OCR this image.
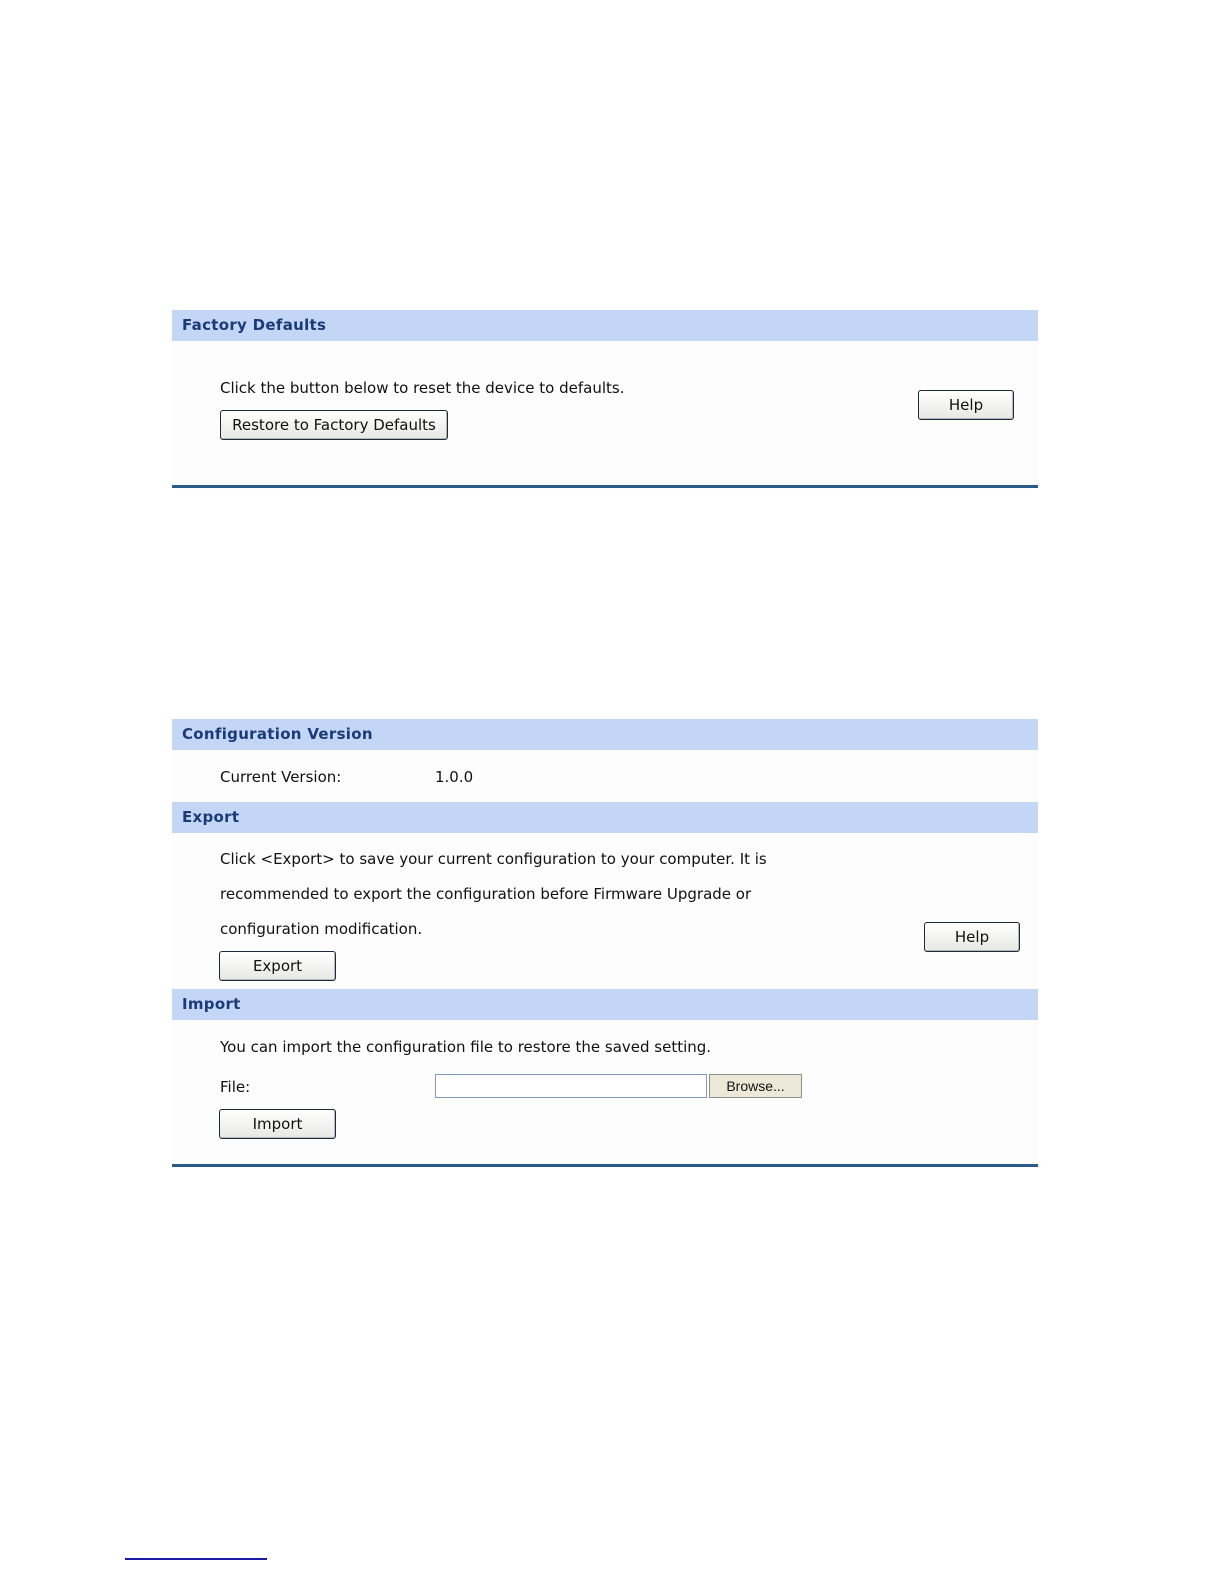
Factory Defaults
Click the button below to reset the device to defaults.
Restore to Factory Defaults
Help
Configuration Version
Current Version:	1.0.0
Export
Click <Export> to save your current configuration to your computer. It is
recommended to export the configuration before Firmware Upgrade or
configuration modification.
Export
Help
Import
You can import the configuration file to restore the saved setting.
File:	Browse...
Import
